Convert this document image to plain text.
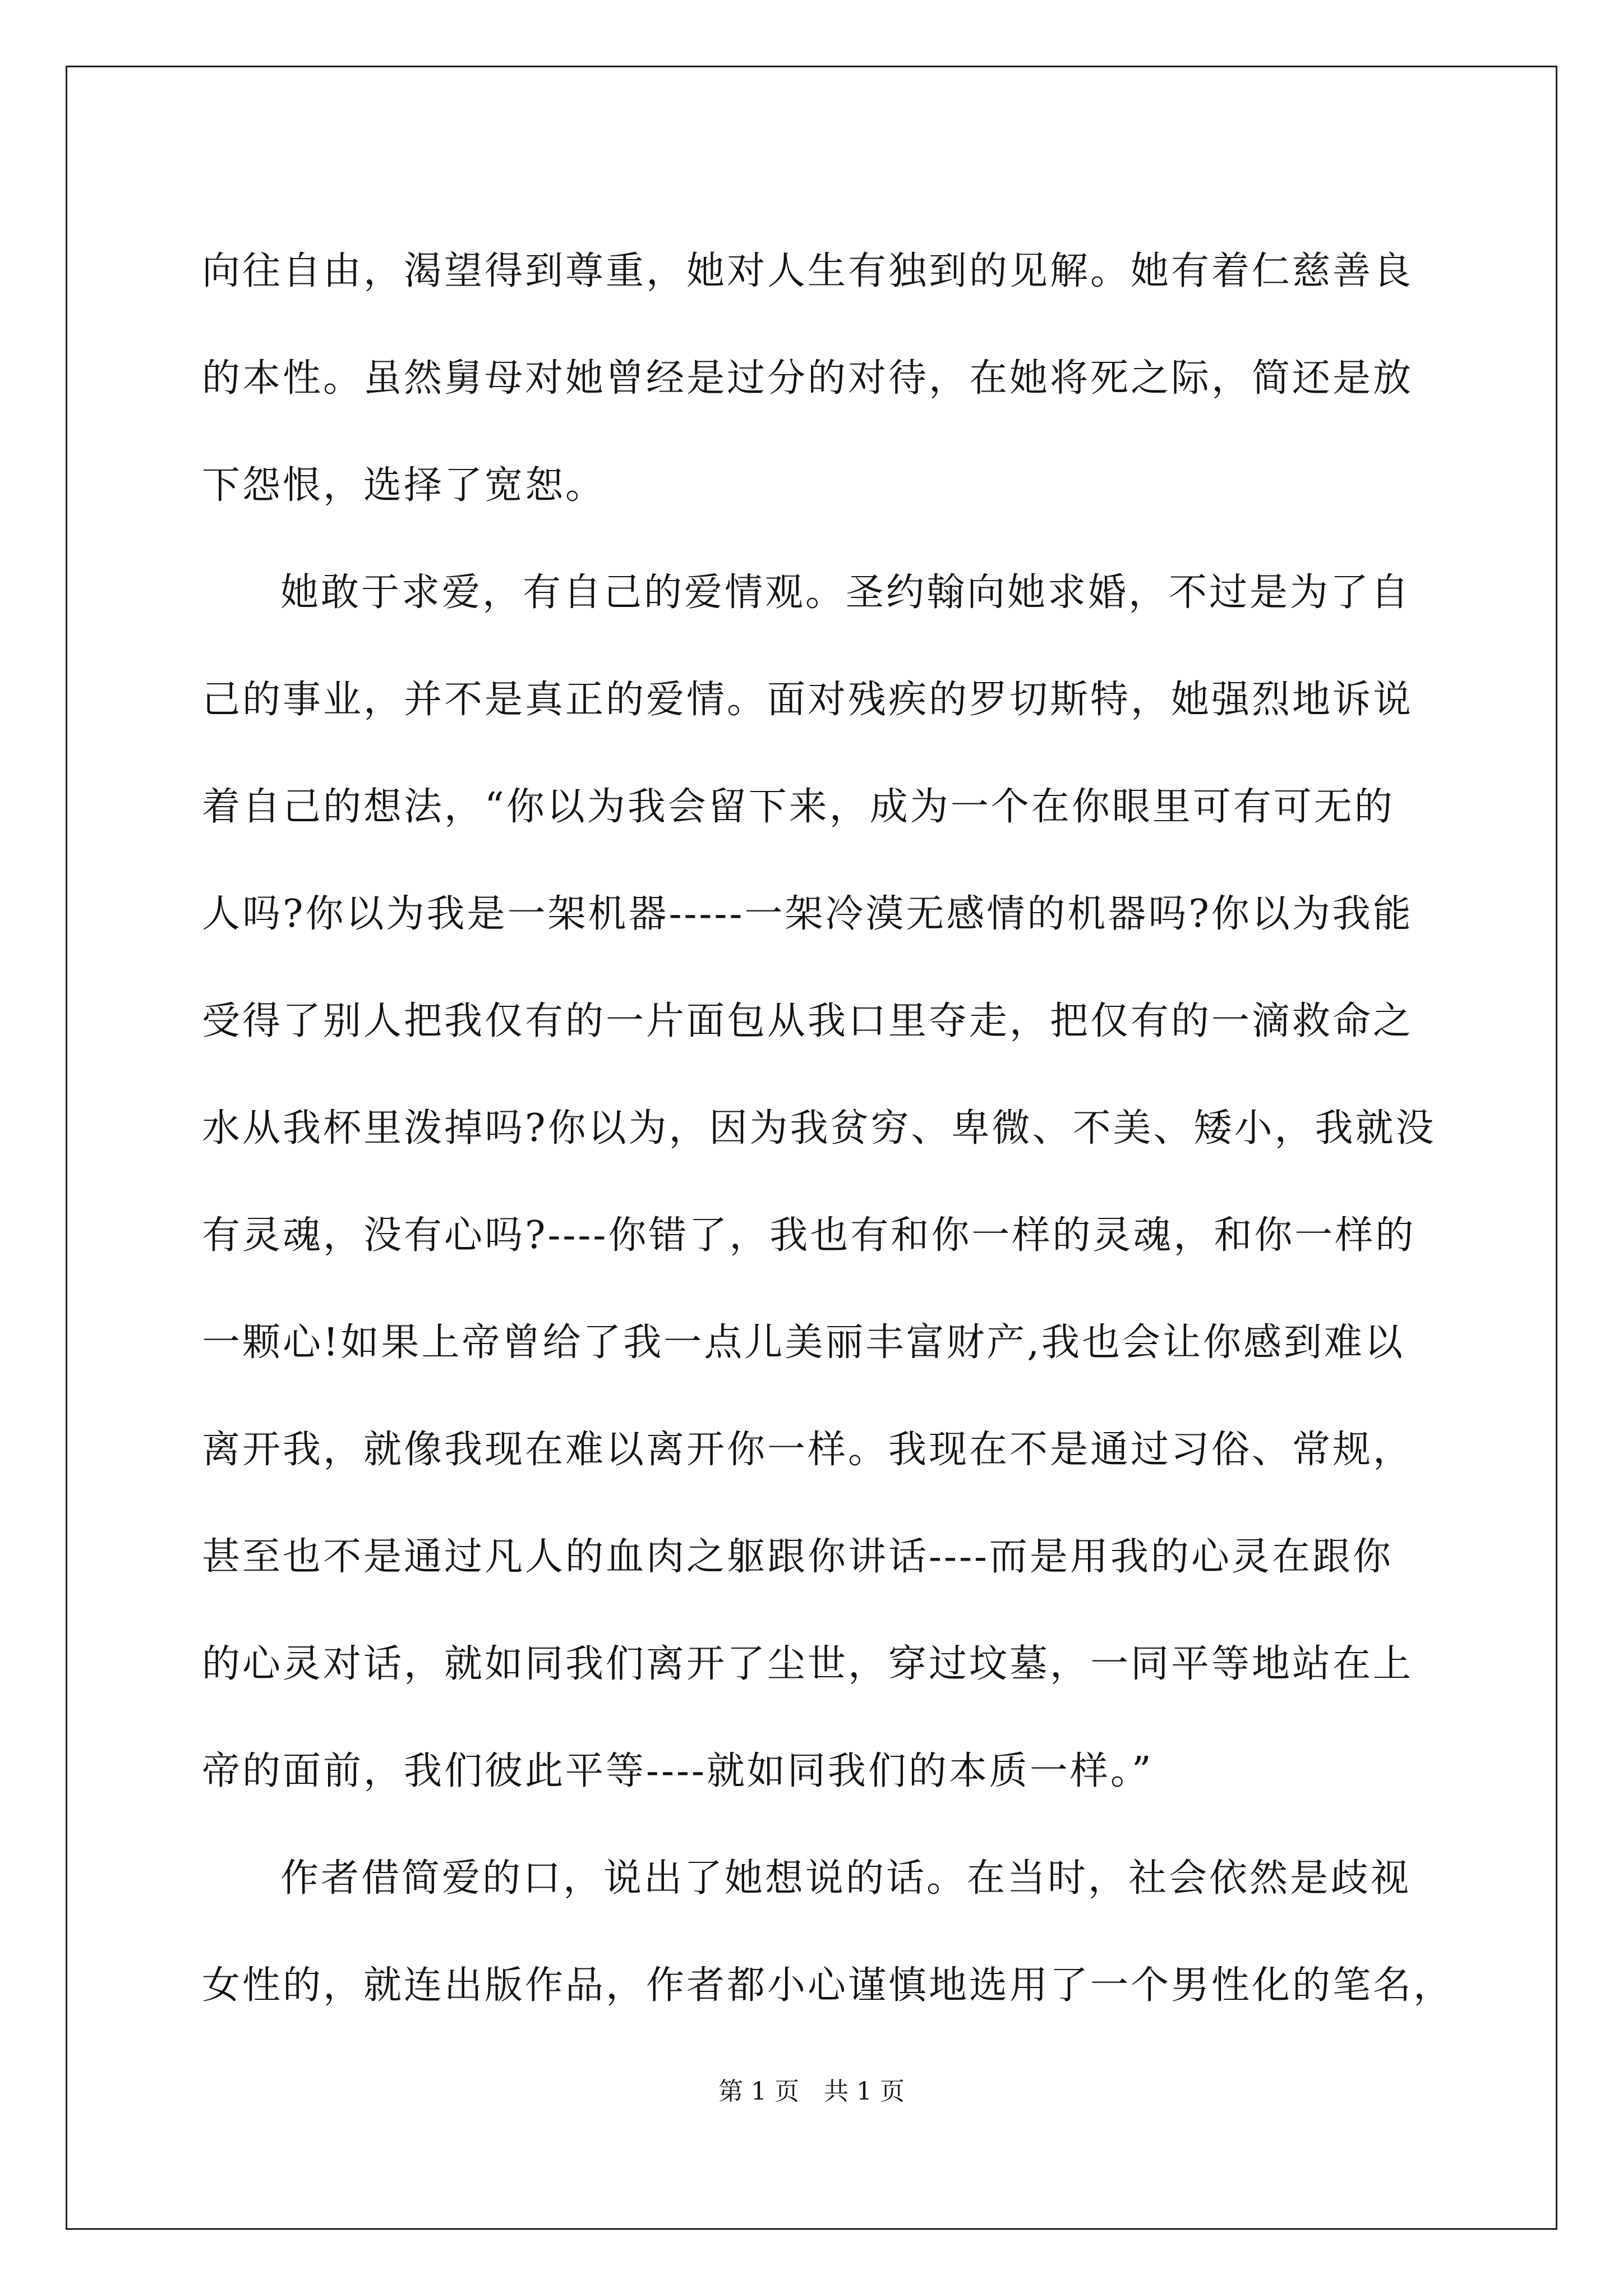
向往自由，渴望得到尊重，她对人生有独到的见解。她有着仁慈善良
的本性。虽然舅母对她曾经是过分的对待，在她将死之际，简还是放
下怨恨，选择了宽恕。
她敢于求爱，有自己的爱情观。圣约翰向她求婚，不过是为了自
己的事业，并不是真正的爱情。面对残疾的罗切斯特，她强烈地诉说
着自己的想法，“你以为我会留下来，成为一个在你眼里可有可无的
人吗?你以为我是一架机器-----一架冷漠无感情的机器吗?你以为我能
受得了别人把我仅有的一片面包从我口里夺走，把仅有的一滴救命之
水从我杯里泼掉吗?你以为，因为我贫穷、卑微、不美、矮小，我就没
有灵魂，没有心吗?----你错了，我也有和你一样的灵魂，和你一样的
一颗心!如果上帝曾给了我一点儿美丽丰富财产,我也会让你感到难以
离开我，就像我现在难以离开你一样。我现在不是通过习俗、常规，
甚至也不是通过凡人的血肉之躯跟你讲话----而是用我的心灵在跟你
的心灵对话，就如同我们离开了尘世，穿过坟墓，一同平等地站在上
帝的面前，我们彼此平等----就如同我们的本质一样。”
作者借简爱的口，说出了她想说的话。在当时，社会依然是歧视
女性的，就连出版作品，作者都小心谨慎地选用了一个男性化的笔名，
第 1 页　共 1 页
